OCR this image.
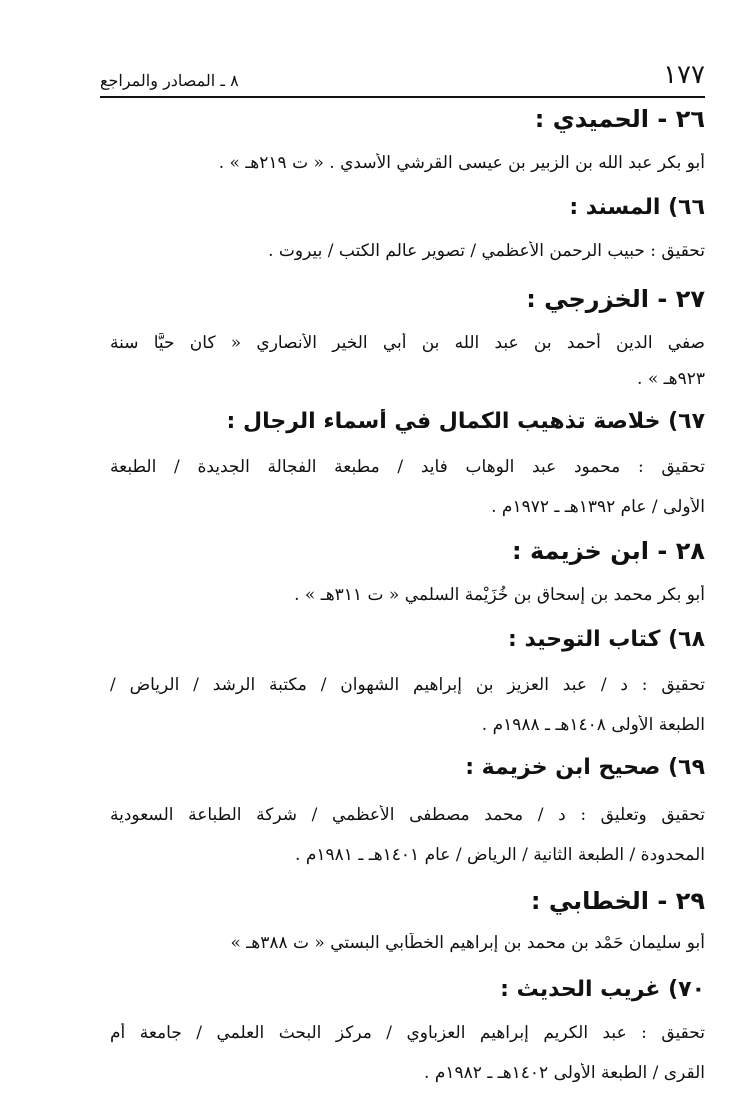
١٧٧
٨ ـ المصادر والمراجع
٢٦ - الحميدي :
أبو بكر عبد الله بن الزبير بن عيسى القرشي الأسدي . « ت ٢١٩هـ » .
٦٦) المسند :
تحقيق : حبيب الرحمن الأعظمي / تصوير عالم الكتب / بيروت .
٢٧ - الخزرجي :
صفي الدين أحمد بن عبد الله بن أبي الخير الأنصاري « كان حيًّا سنة
٩٢٣هـ » .
٦٧) خلاصة تذهيب الكمال في أسماء الرجال :
تحقيق : محمود عبد الوهاب فايد / مطبعة الفجالة الجديدة / الطبعة
الأولى / عام ١٣٩٢هـ ـ ١٩٧٢م .
٢٨ - ابن خزيمة :
أبو بكر محمد بن إسحاق بن خُزَيْمة السلمي « ت ٣١١هـ » .
٦٨) كتاب التوحيد :
تحقيق : د / عبد العزيز بن إبراهيم الشهوان / مكتبة الرشد / الرياض /
الطبعة الأولى ١٤٠٨هـ ـ ١٩٨٨م .
٦٩) صحيح ابن خزيمة :
تحقيق وتعليق : د / محمد مصطفى الأعظمي / شركة الطباعة السعودية
المحدودة / الطبعة الثانية / الرياض / عام ١٤٠١هـ ـ ١٩٨١م .
٢٩ - الخطابي :
أبو سليمان حَمْد بن محمد بن إبراهيم الخطَّابي البستي « ت ٣٨٨هـ »
٧٠) غريب الحديث :
تحقيق : عبد الكريم إبراهيم العزباوي / مركز البحث العلمي / جامعة أم
القرى / الطبعة الأولى ١٤٠٢هـ ـ ١٩٨٢م .
